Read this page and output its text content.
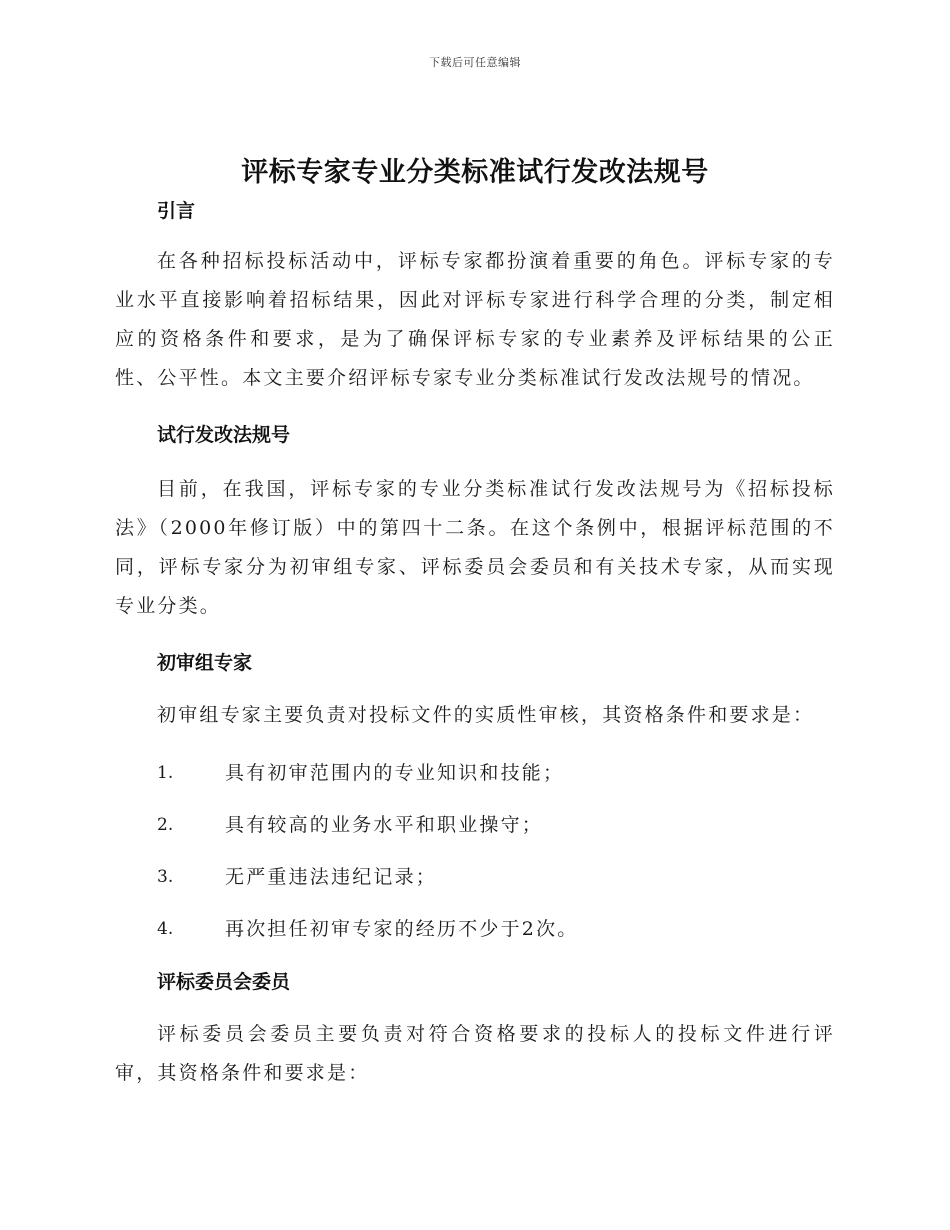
下载后可任意编辑
评标专家专业分类标准试行发改法规号
引言
在各种招标投标活动中，评标专家都扮演着重要的角色。评标专家的专业水平直接影响着招标结果，因此对评标专家进行科学合理的分类，制定相应的资格条件和要求，是为了确保评标专家的专业素养及评标结果的公正性、公平性。本文主要介绍评标专家专业分类标准试行发改法规号的情况。
试行发改法规号
目前，在我国，评标专家的专业分类标准试行发改法规号为《招标投标法》（2000年修订版）中的第四十二条。在这个条例中，根据评标范围的不同，评标专家分为初审组专家、评标委员会委员和有关技术专家，从而实现专业分类。
初审组专家
初审组专家主要负责对投标文件的实质性审核，其资格条件和要求是：
1.	具有初审范围内的专业知识和技能；
2.	具有较高的业务水平和职业操守；
3.	无严重违法违纪记录；
4.	再次担任初审专家的经历不少于2次。
评标委员会委员
评标委员会委员主要负责对符合资格要求的投标人的投标文件进行评审，其资格条件和要求是：
